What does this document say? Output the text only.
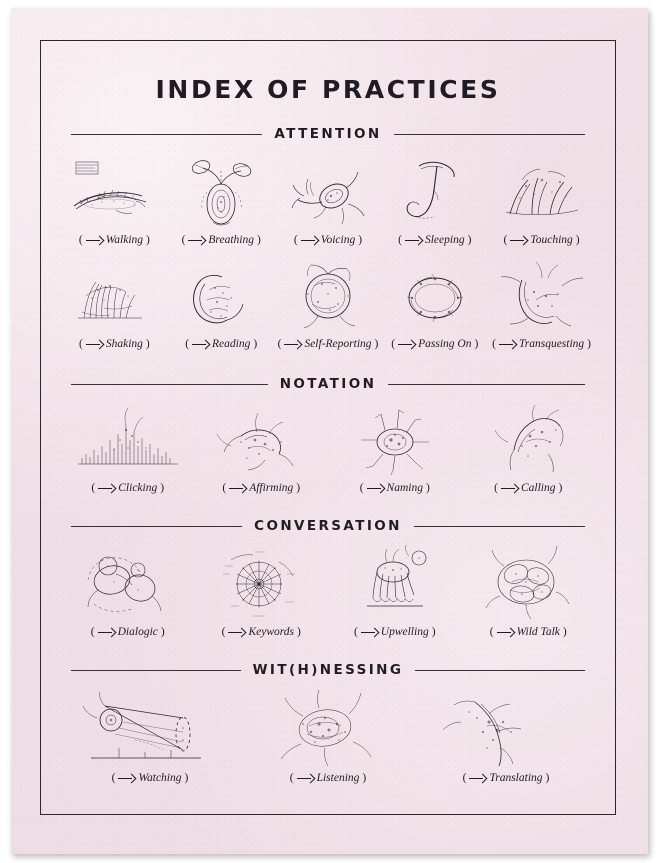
INDEX OF PRACTICES
ATTENTION
( Walking )	( Breathing )	( Voicing )	( Sleeping )	( Touching )
( Shaking )	( Reading ) ( Self-Reporting ) ( Passing On ) ( Transquesting )
NOTATION
( Clicking )	( Affirming )	( Naming )	( Calling )
CONVERSATION
( Dialogic )	( Keywords )	( Upwelling )	( Wild Talk )
WIT(H)NESSING
( Watching )	( Listening )	( Translating )
